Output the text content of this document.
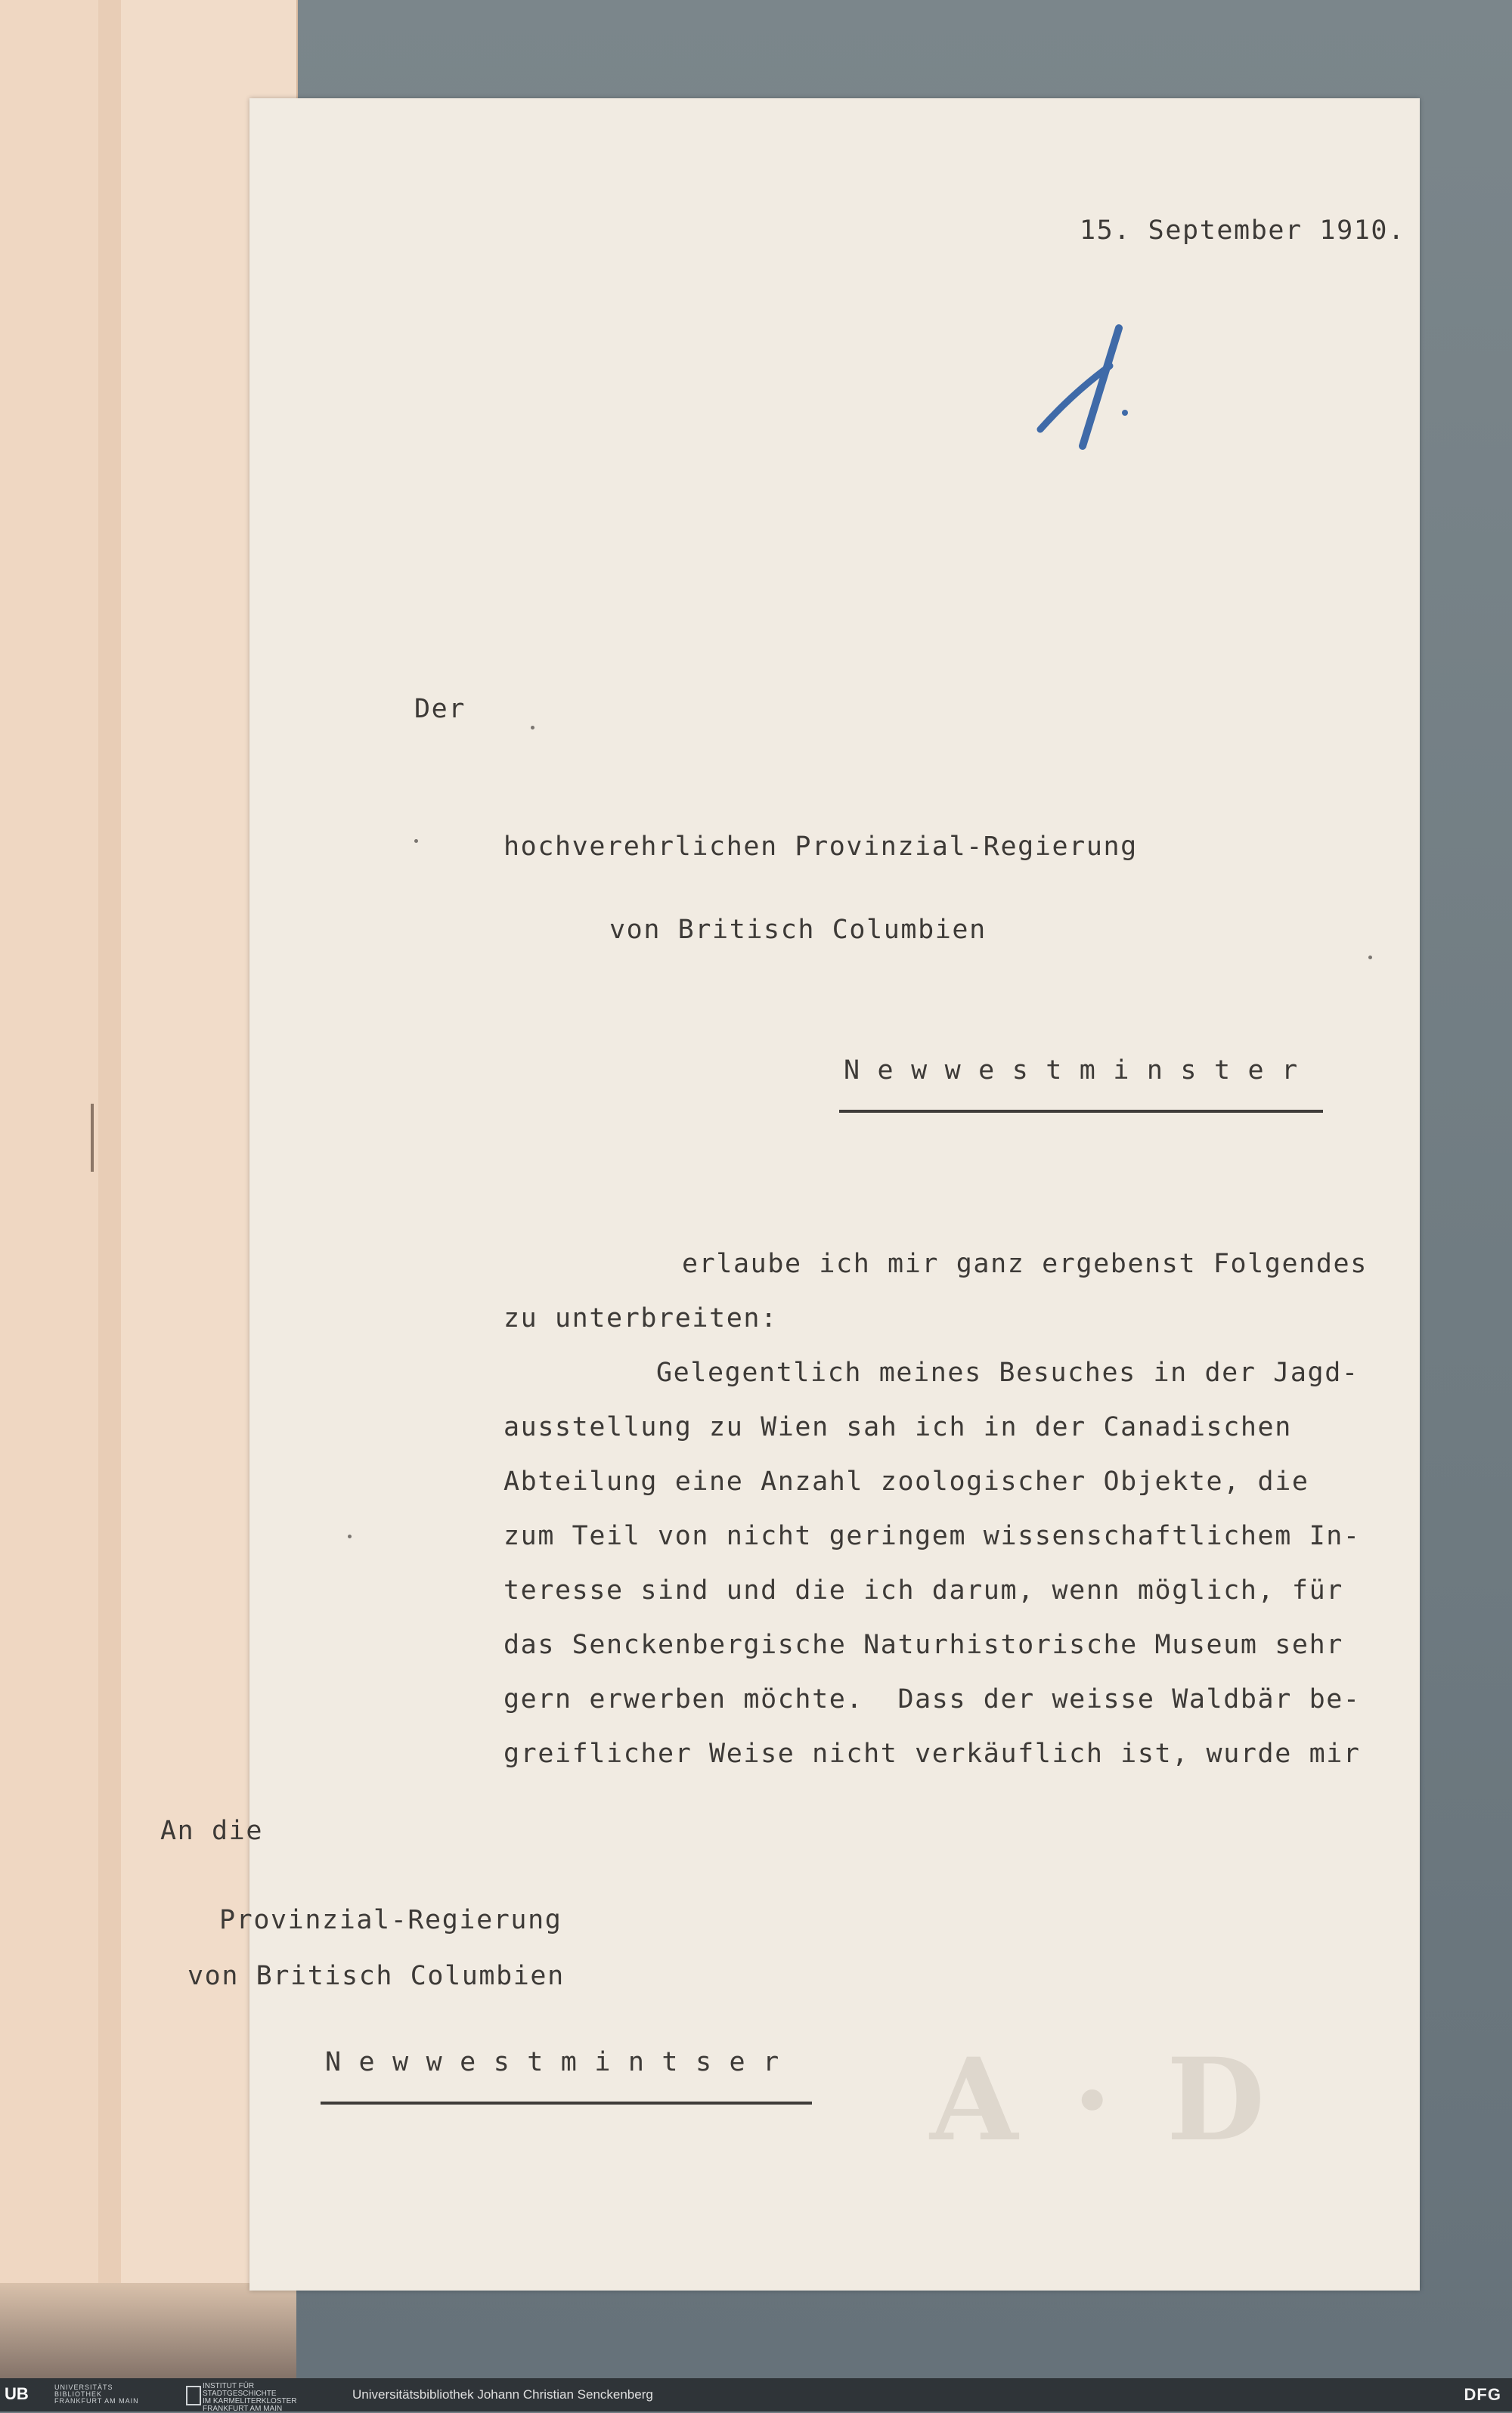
A · D
15. September 1910.
Der
hochverehrlichen Provinzial-Regierung
von Britisch Columbien
N e w w e s t m i n s t e r
erlaube ich mir ganz ergebenst Folgendes
zu unterbreiten:
Gelegentlich meines Besuches in der Jagd-
ausstellung zu Wien sah ich in der Canadischen
Abteilung eine Anzahl zoologischer Objekte, die
zum Teil von nicht geringem wissenschaftlichem In-
teresse sind und die ich darum, wenn möglich, für
das Senckenbergische Naturhistorische Museum sehr
gern erwerben möchte.  Dass der weisse Waldbär be-
greiflicher Weise nicht verkäuflich ist, wurde mir
An die
Provinzial-Regierung
von Britisch Columbien
N e w w e s t m i n t s e r
UB	UNIVERSITÄTS
BIBLIOTHEK
FRANKFURT AM MAIN
INSTITUT FÜR
STADTGESCHICHTE
IM KARMELITERKLOSTER
FRANKFURT AM MAIN
Universitätsbibliothek Johann Christian Senckenberg	DFG
